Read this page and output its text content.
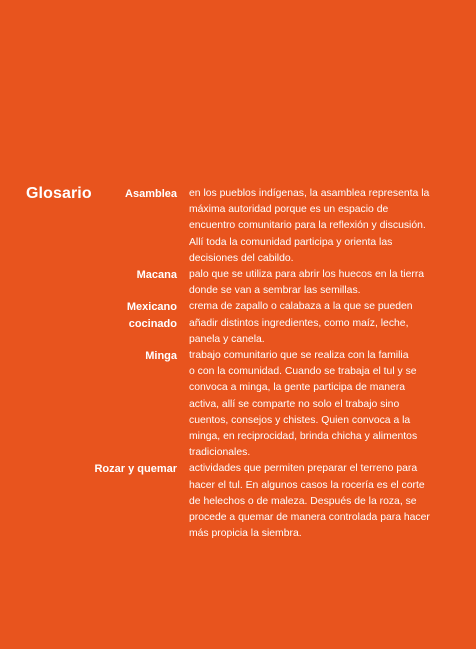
Glosario	Asamblea en los pueblos indígenas, la asamblea representa la
máxima autoridad porque es un espacio de
encuentro comunitario para la reflexión y discusión.
Allí toda la comunidad participa y orienta las
decisiones del cabildo.
Macana palo que se utiliza para abrir los huecos en la tierra
donde se van a sembrar las semillas.
Mexicano
cocinado
crema de zapallo o calabaza a la que se pueden
añadir distintos ingredientes, como maíz, leche,
panela y canela.
Minga trabajo comunitario que se realiza con la familia
o con la comunidad. Cuando se trabaja el tul y se
convoca a minga, la gente participa de manera
activa, allí se comparte no solo el trabajo sino
cuentos, consejos y chistes. Quien convoca a la
minga, en reciprocidad, brinda chicha y alimentos
tradicionales.
Rozar y quemar actividades que permiten preparar el terreno para
hacer el tul. En algunos casos la rocería es el corte
de helechos o de maleza. Después de la roza, se
procede a quemar de manera controlada para hacer
más propicia la siembra.
